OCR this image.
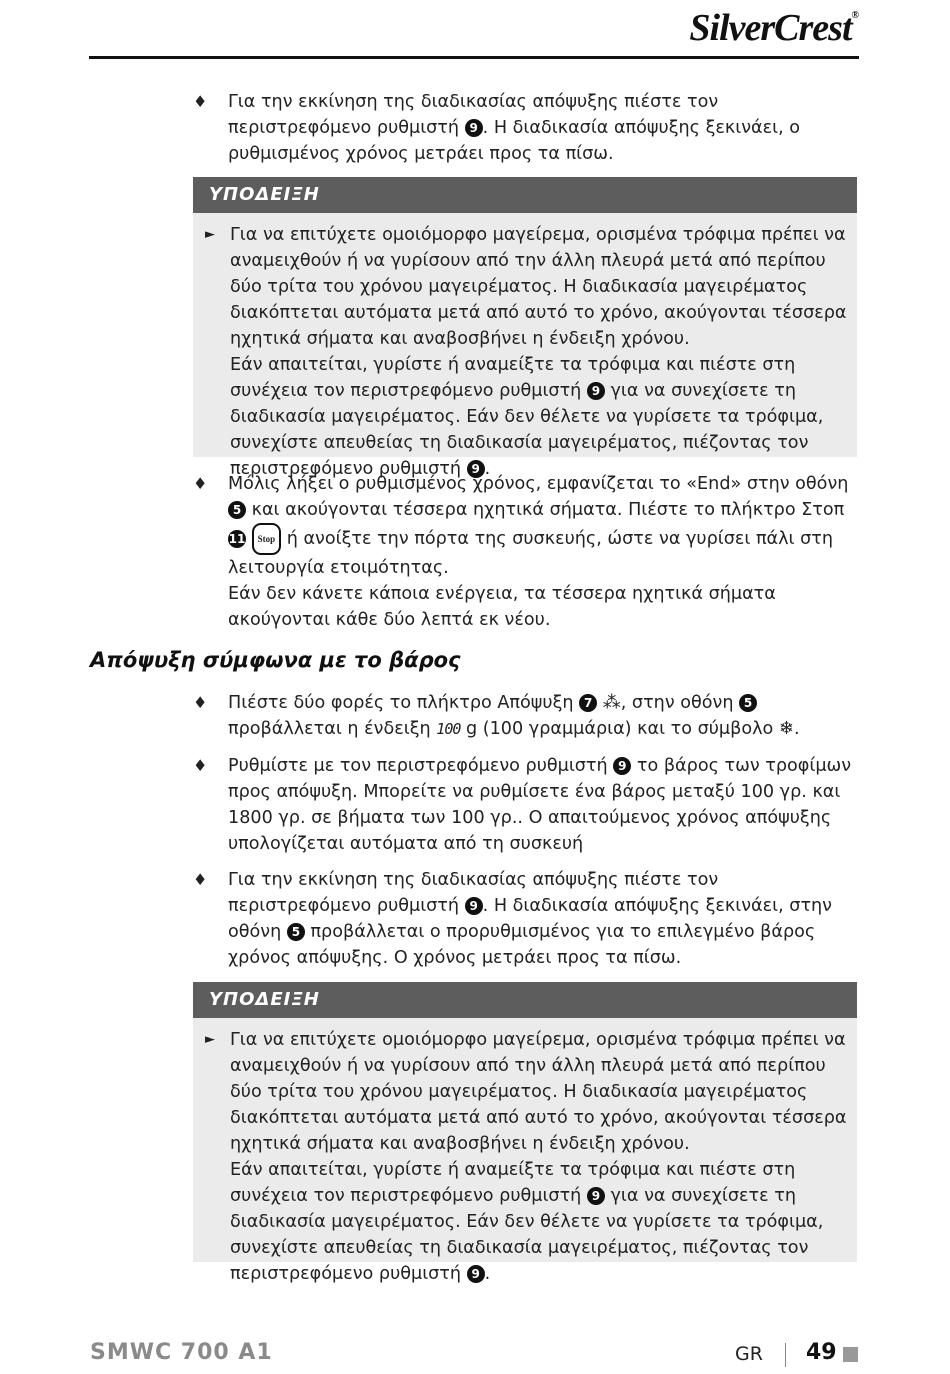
SilverCrest®
♦	Για την εκκίνηση της διαδικασίας απόψυξης πιέστε τον περιστρεφόμενο ρυθμιστή 9 . Η διαδικασία απόψυξης ξεκινάει, ο ρυθμισμένος χρόνος μετράει προς τα πίσω.
ΥΠΟΔΕΙΞΗ
► Για να επιτύχετε ομοιόμορφο μαγείρεμα, ορισμένα τρόφιμα πρέπει να αναμειχθούν ή να γυρίσουν από την άλλη πλευρά μετά από περίπου δύο τρίτα του χρόνου μαγειρέματος. Η διαδικασία μαγειρέματος διακόπτεται αυτόματα μετά από αυτό το χρόνο, ακούγονται τέσσερα ηχητικά σήματα και αναβοσβήνει η ένδειξη χρόνου.
Εάν απαιτείται, γυρίστε ή αναμείξτε τα τρόφιμα και πιέστε στη συνέχεια τον περιστρεφόμενο ρυθμιστή 9 για να συνεχίσετε τη διαδικασία μαγειρέματος. Εάν δεν θέλετε να γυρίσετε τα τρόφιμα, συνεχίστε απευθείας τη διαδικασία μαγειρέματος, πιέζοντας τον περιστρεφόμενο ρυθμιστή 9 .
♦	Μόλις λήξει ο ρυθμισμένος χρόνος, εμφανίζεται το «End» στην οθόνη 5 και ακούγονται τέσσερα ηχητικά σήματα. Πιέστε το πλήκτρο Στοπ 11 Stop ή ανοίξτε την πόρτα της συσκευής, ώστε να γυρίσει πάλι στη λειτουργία ετοιμότητας.
Εάν δεν κάνετε κάποια ενέργεια, τα τέσσερα ηχητικά σήματα ακούγονται κάθε δύο λεπτά εκ νέου.
Απόψυξη σύμφωνα με το βάρος
♦	Πιέστε δύο φορές το πλήκτρο Απόψυξη 7 ⁂, στην οθόνη 5 προβάλλεται η ένδειξη 100 g (100 γραμμάρια) και το σύμβολο ❄.
♦	Ρυθμίστε με τον περιστρεφόμενο ρυθμιστή 9 το βάρος των τροφίμων προς απόψυξη. Μπορείτε να ρυθμίσετε ένα βάρος μεταξύ 100 γρ. και 1800 γρ. σε βήματα των 100 γρ.. Ο απαιτούμενος χρόνος απόψυξης υπολογίζεται αυτόματα από τη συσκευή
♦	Για την εκκίνηση της διαδικασίας απόψυξης πιέστε τον περιστρεφόμενο ρυθμιστή 9 . Η διαδικασία απόψυξης ξεκινάει, στην οθόνη 5 προβάλλεται ο προρυθμισμένος για το επιλεγμένο βάρος χρόνος απόψυξης. Ο χρόνος μετράει προς τα πίσω.
ΥΠΟΔΕΙΞΗ
► Για να επιτύχετε ομοιόμορφο μαγείρεμα, ορισμένα τρόφιμα πρέπει να αναμειχθούν ή να γυρίσουν από την άλλη πλευρά μετά από περίπου δύο τρίτα του χρόνου μαγειρέματος. Η διαδικασία μαγειρέματος διακόπτεται αυτόματα μετά από αυτό το χρόνο, ακούγονται τέσσερα ηχητικά σήματα και αναβοσβήνει η ένδειξη χρόνου.
Εάν απαιτείται, γυρίστε ή αναμείξτε τα τρόφιμα και πιέστε στη συνέχεια τον περιστρεφόμενο ρυθμιστή 9 για να συνεχίσετε τη διαδικασία μαγειρέματος. Εάν δεν θέλετε να γυρίσετε τα τρόφιμα, συνεχίστε απευθείας τη διαδικασία μαγειρέματος, πιέζοντας τον περιστρεφόμενο ρυθμιστή 9 .
SMWC 700 A1	GR 49
